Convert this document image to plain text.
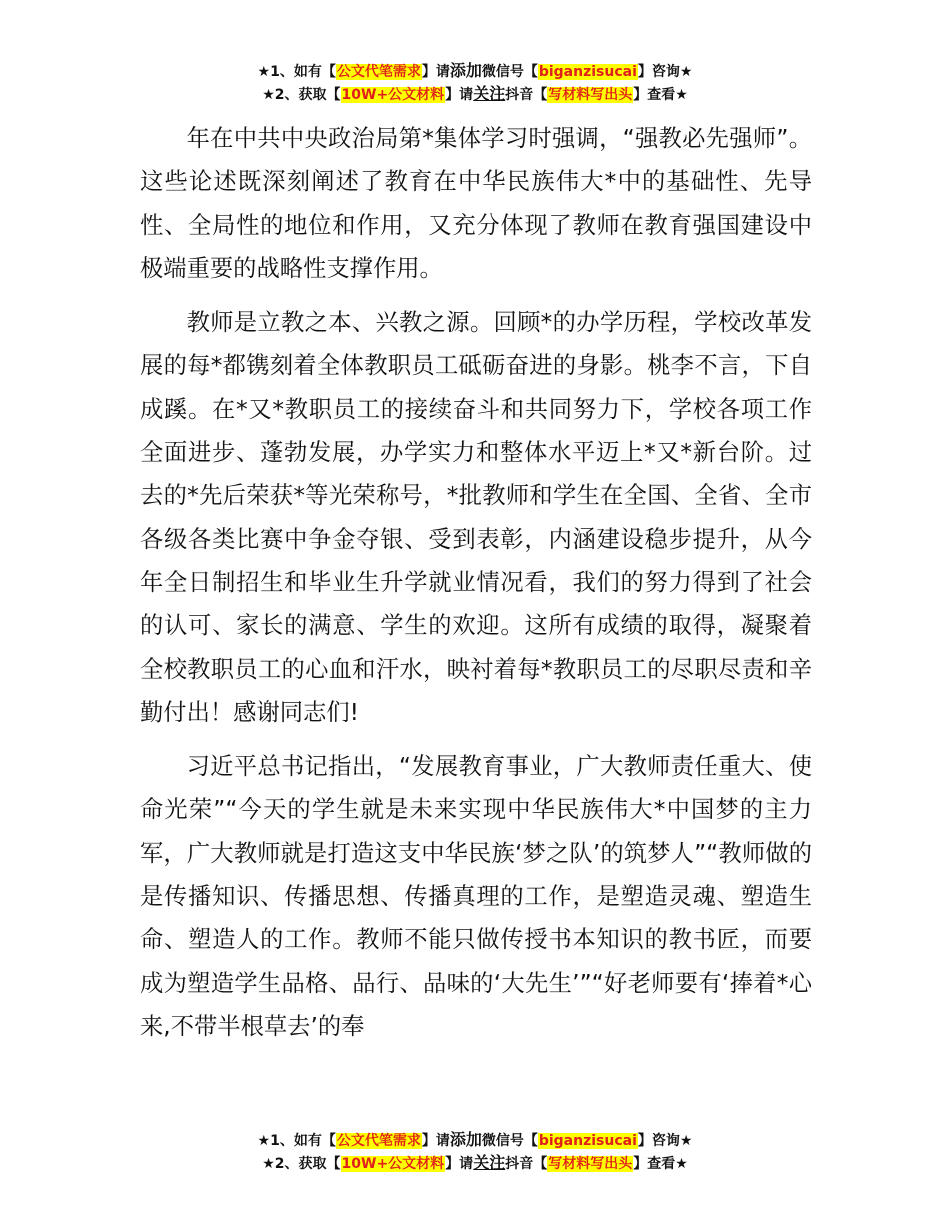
★1、如有【公文代笔需求】请添加微信号【biganzisucai】咨询★
★2、获取【10W+公文材料】请关注抖音【写材料写出头】查看★

年在中共中央政治局第*集体学习时强调，“强教必先强师”。这些论述既深刻阐述了教育在中华民族伟大*中的基础性、先导性、全局性的地位和作用，又充分体现了教师在教育强国建设中极端重要的战略性支撑作用。

教师是立教之本、兴教之源。回顾*的办学历程，学校改革发展的每*都镌刻着全体教职员工砥砺奋进的身影。桃李不言，下自成蹊。在*又*教职员工的接续奋斗和共同努力下，学校各项工作全面进步、蓬勃发展，办学实力和整体水平迈上*又*新台阶。过去的*先后荣获*等光荣称号，*批教师和学生在全国、全省、全市各级各类比赛中争金夺银、受到表彰，内涵建设稳步提升，从今年全日制招生和毕业生升学就业情况看，我们的努力得到了社会的认可、家长的满意、学生的欢迎。这所有成绩的取得，凝聚着全校教职员工的心血和汗水，映衬着每*教职员工的尽职尽责和辛勤付出！感谢同志们!

习近平总书记指出，“发展教育事业，广大教师责任重大、使命光荣”“今天的学生就是未来实现中华民族伟大*中国梦的主力军，广大教师就是打造这支中华民族‘梦之队’的筑梦人”“教师做的是传播知识、传播思想、传播真理的工作，是塑造灵魂、塑造生命、塑造人的工作。教师不能只做传授书本知识的教书匠，而要成为塑造学生品格、品行、品味的‘大先生’”“好老师要有‘捧着*心来,不带半根草去’的奉

★1、如有【公文代笔需求】请添加微信号【biganzisucai】咨询★
★2、获取【10W+公文材料】请关注抖音【写材料写出头】查看★
